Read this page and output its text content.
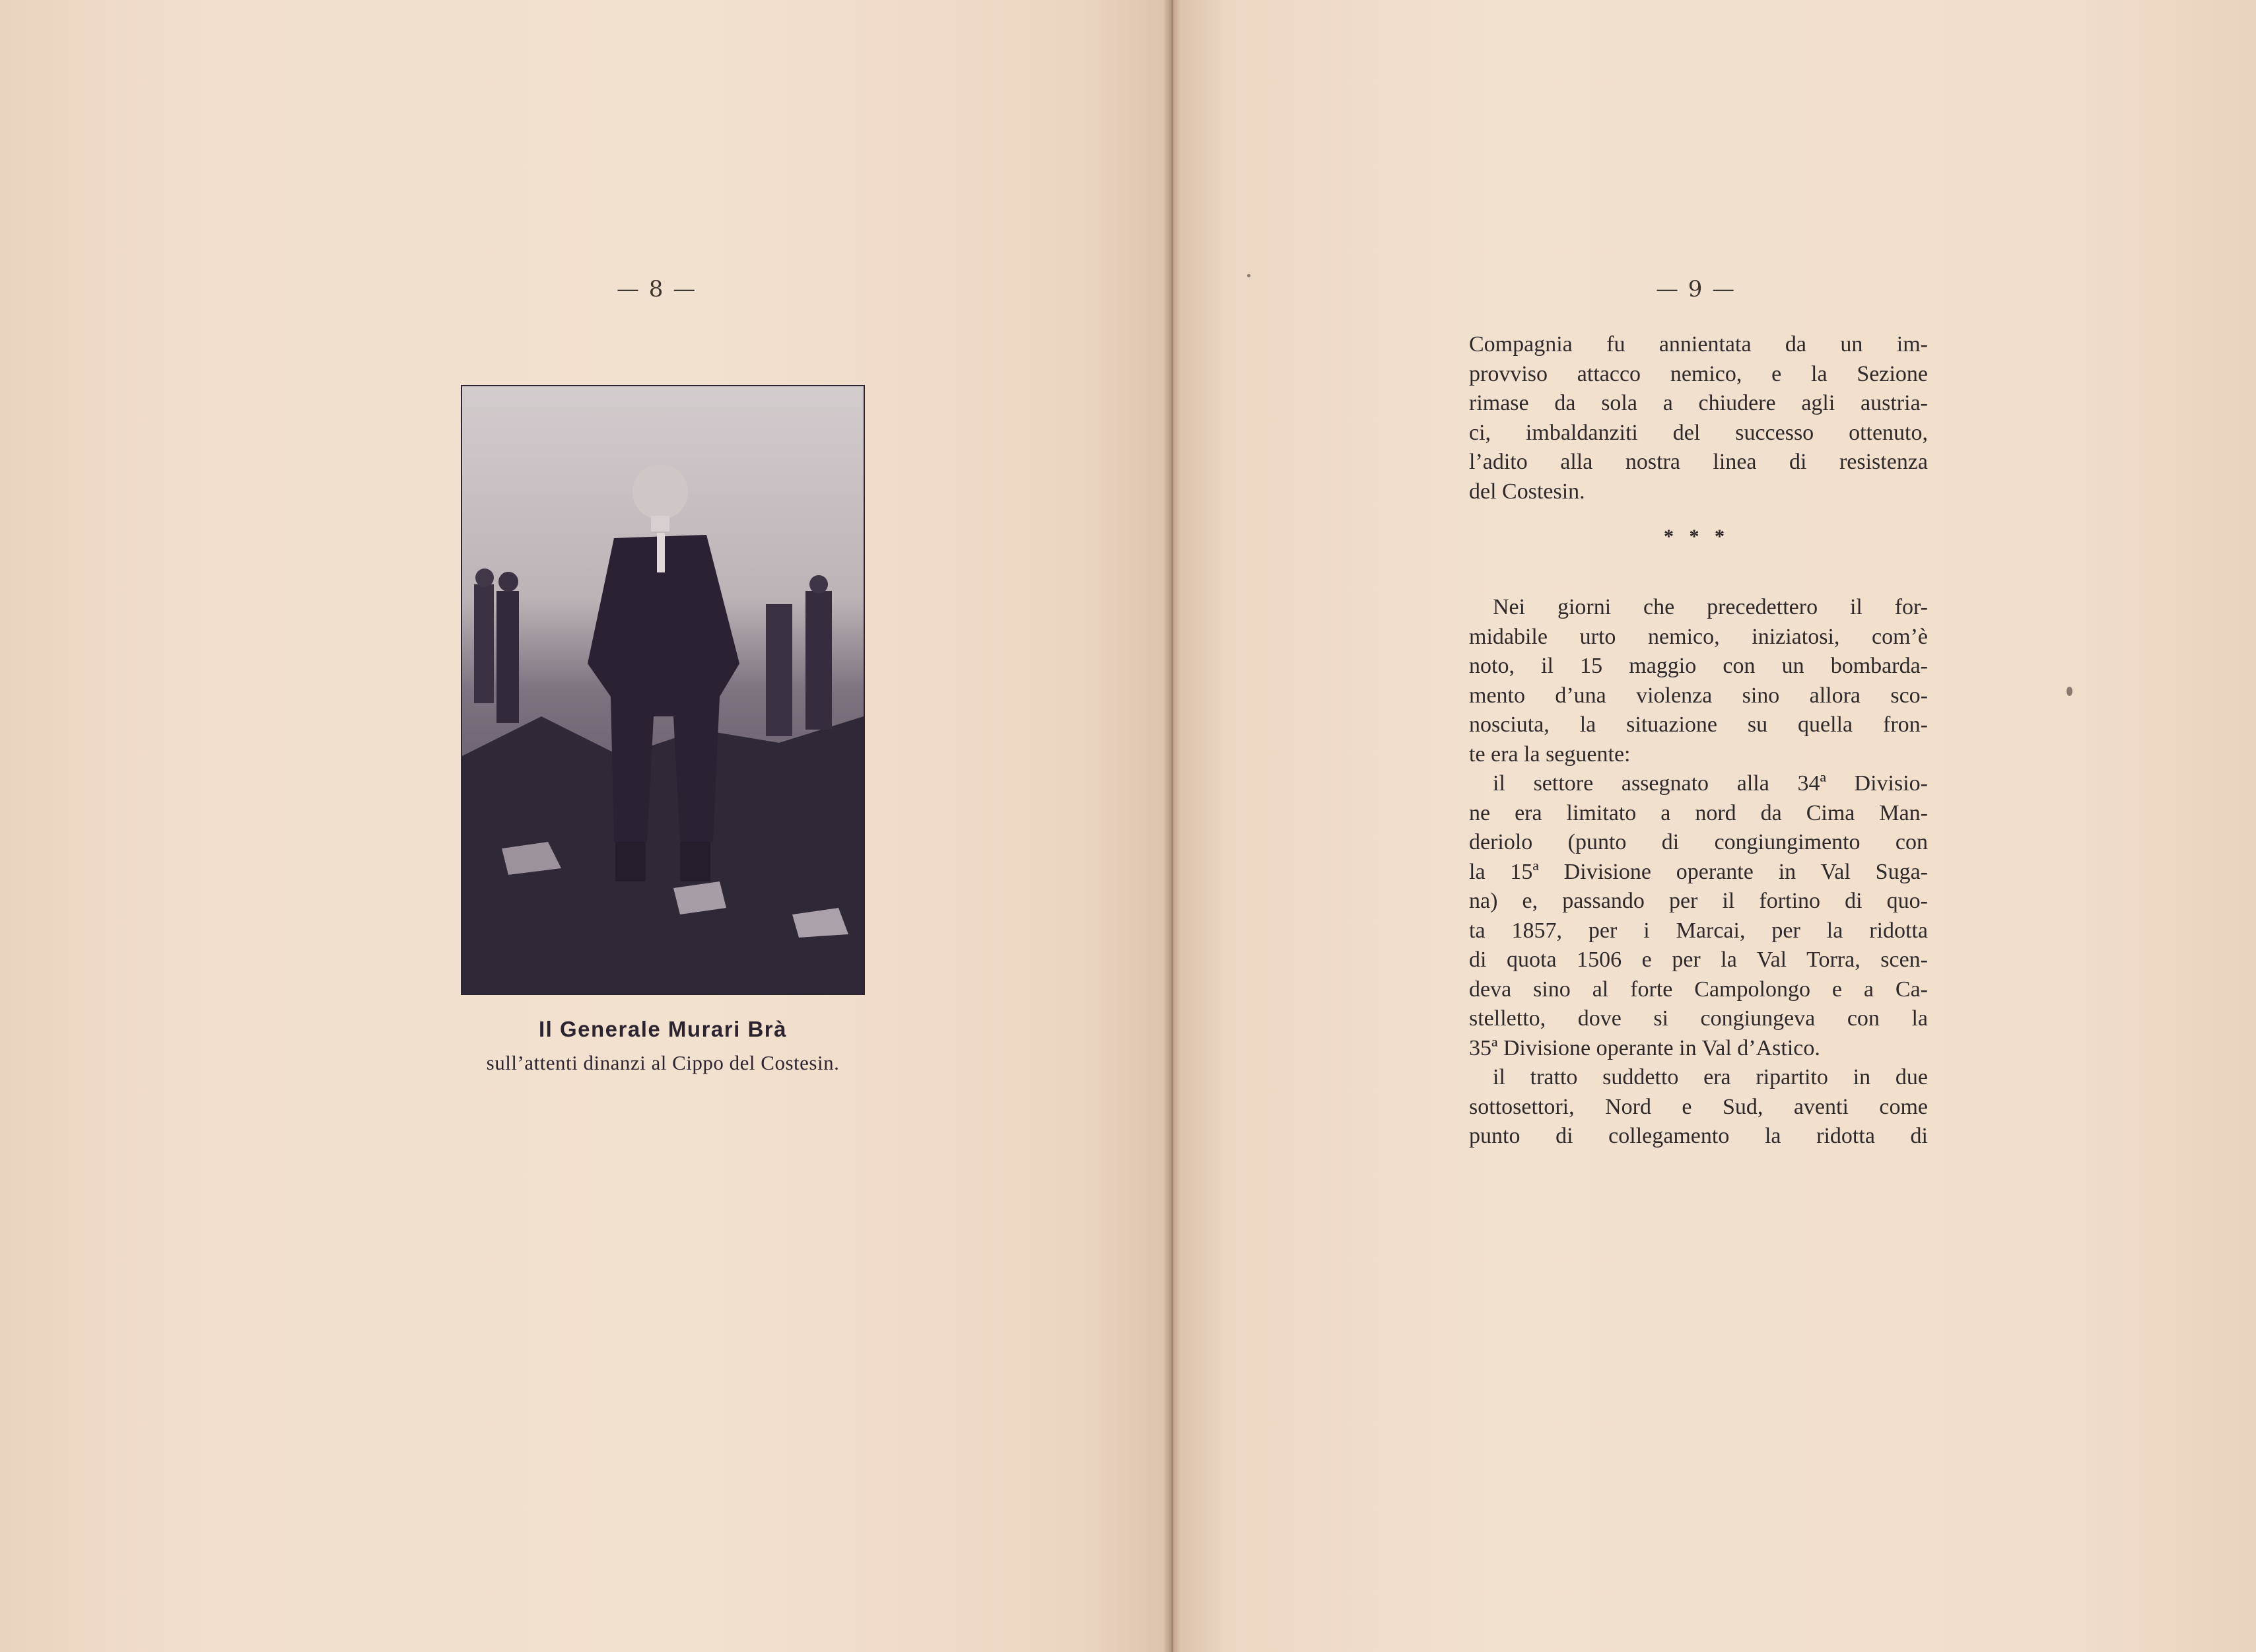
— 8 —
Il Generale Murari Brà
sull’attenti dinanzi al Cippo del Costesin.
— 9 —
Compagnia fu annientata da un im-
provviso attacco nemico, e la Sezione
rimase da sola a chiudere agli austria-
ci, imbaldanziti del successo ottenuto,
l’adito alla nostra linea di resistenza
del Costesin.
* * *
Nei giorni che precedettero il for-
midabile urto nemico, iniziatosi, com’è
noto, il 15 maggio con un bombarda-
mento d’una violenza sino allora sco-
nosciuta, la situazione su quella fron-
te era la seguente:
il settore assegnato alla 34ª Divisio-
ne era limitato a nord da Cima Man-
deriolo (punto di congiungimento con
la 15ª Divisione operante in Val Suga-
na) e, passando per il fortino di quo-
ta 1857, per i Marcai, per la ridotta
di quota 1506 e per la Val Torra, scen-
deva sino al forte Campolongo e a Ca-
stelletto, dove si congiungeva con la
35ª Divisione operante in Val d’Astico.
il tratto suddetto era ripartito in due
sottosettori, Nord e Sud, aventi come
punto di collegamento la ridotta di
